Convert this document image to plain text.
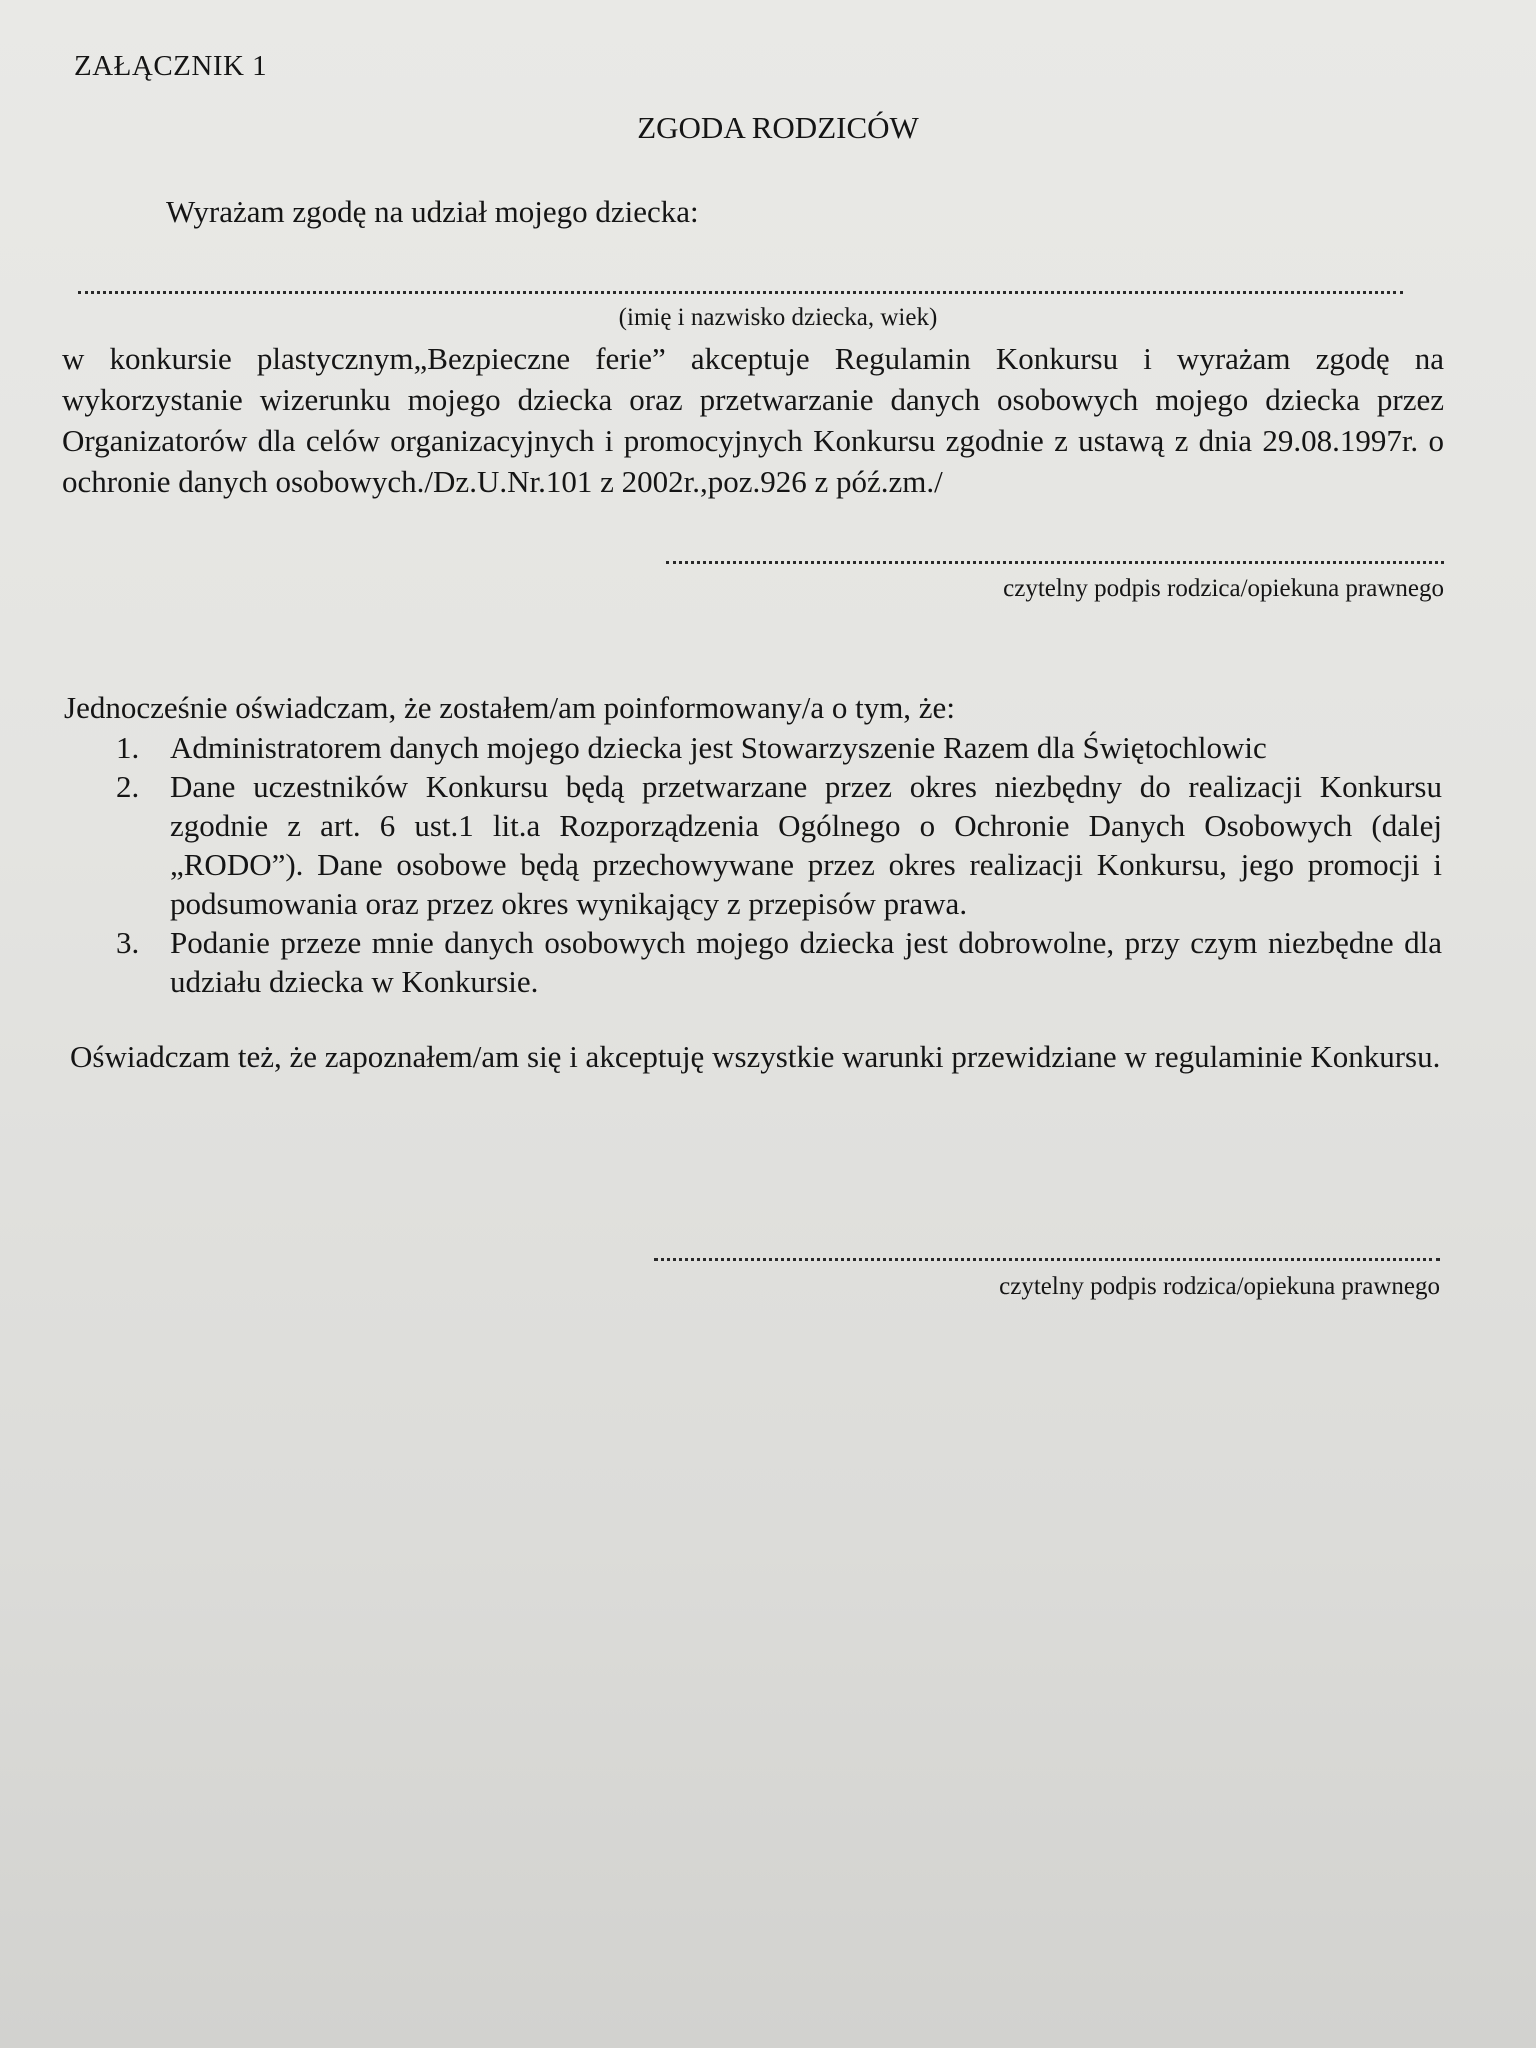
ZAŁĄCZNIK 1
ZGODA RODZICÓW
Wyrażam zgodę na udział mojego dziecka:
(imię i nazwisko dziecka, wiek)
w konkursie plastycznym„Bezpieczne ferie” akceptuje Regulamin Konkursu i wyrażam zgodę na wykorzystanie wizerunku mojego dziecka oraz przetwarzanie danych osobowych mojego dziecka przez Organizatorów dla celów organizacyjnych i promocyjnych Konkursu zgodnie z ustawą z dnia 29.08.1997r. o ochronie danych osobowych./Dz.U.Nr.101 z 2002r.,poz.926 z póź.zm./
czytelny podpis rodzica/opiekuna prawnego
Jednocześnie oświadczam, że zostałem/am poinformowany/a o tym, że:
1. Administratorem danych mojego dziecka jest Stowarzyszenie Razem dla Świętochlowic
2. Dane uczestników Konkursu będą przetwarzane przez okres niezbędny do realizacji Konkursu zgodnie z art. 6 ust.1 lit.a Rozporządzenia Ogólnego o Ochronie Danych Osobowych (dalej „RODO”). Dane osobowe będą przechowywane przez okres realizacji Konkursu, jego promocji i podsumowania oraz przez okres wynikający z przepisów prawa.
3. Podanie przeze mnie danych osobowych mojego dziecka jest dobrowolne, przy czym niezbędne dla udziału dziecka w Konkursie.
Oświadczam też, że zapoznałem/am się i akceptuję wszystkie warunki przewidziane w regulaminie Konkursu.
czytelny podpis rodzica/opiekuna prawnego
